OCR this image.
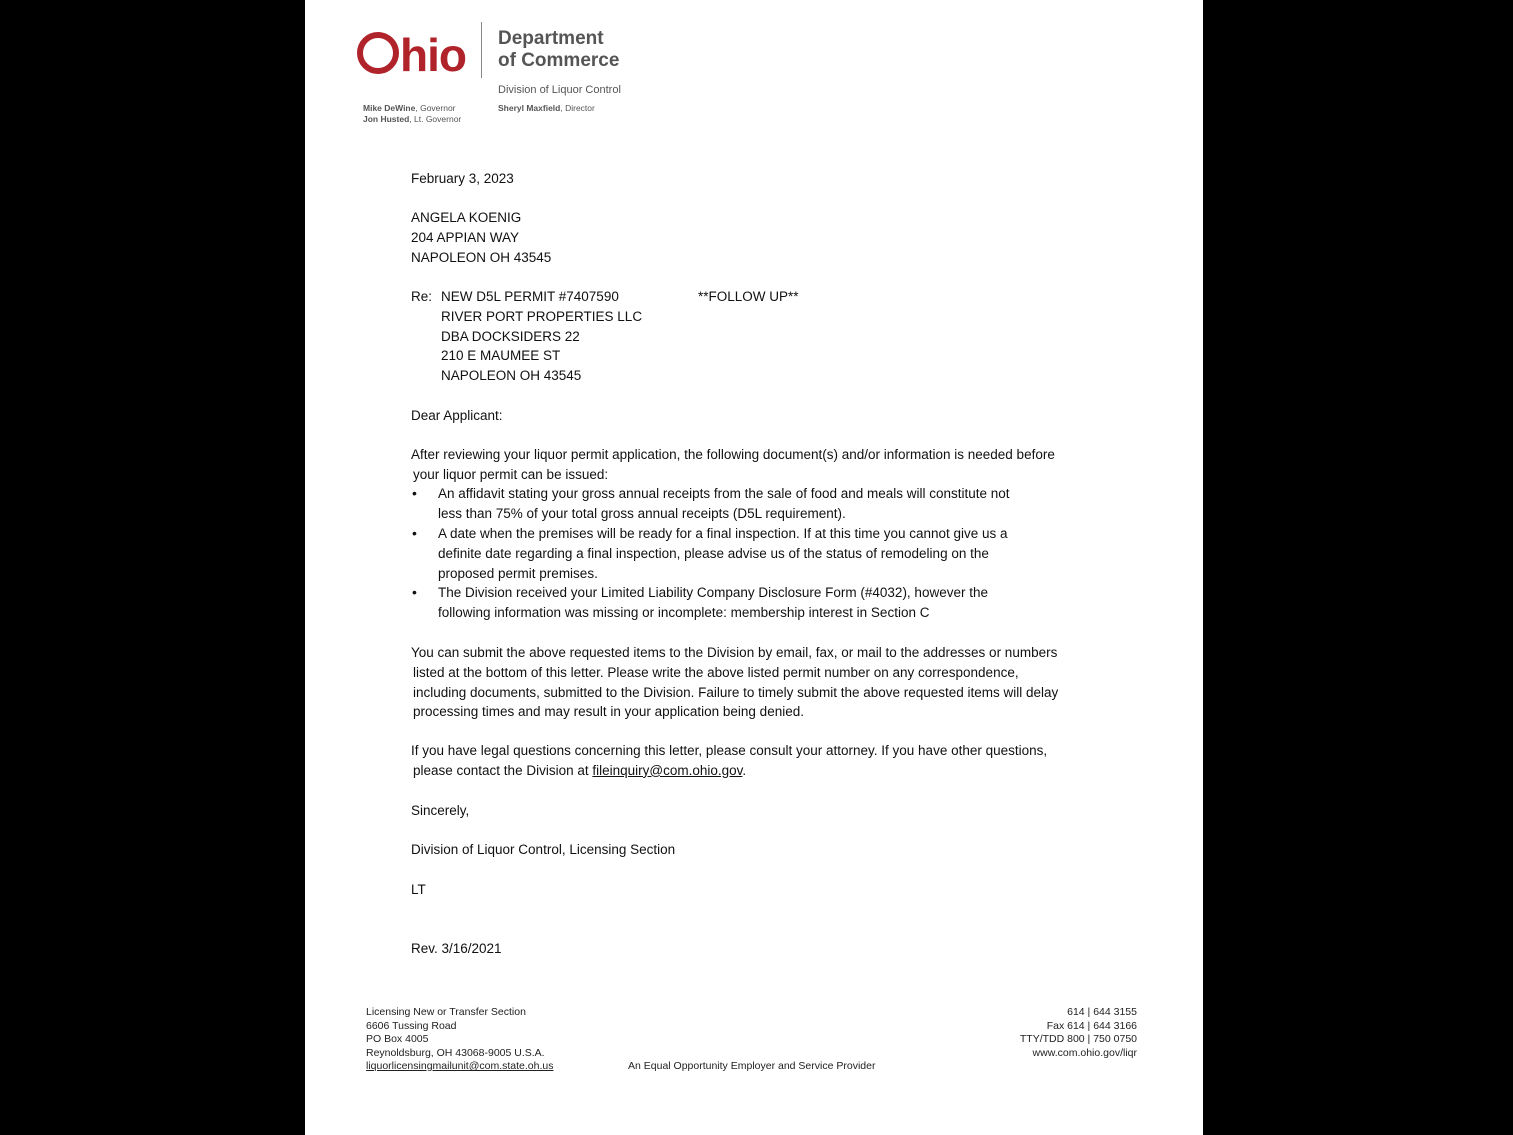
hio Department
of Commerce
Division of Liquor Control
Sheryl Maxfield, Director
Mike DeWine, Governor
Jon Husted, Lt. Governor
February 3, 2023
ANGELA KOENIG
204 APPIAN WAY
NAPOLEON OH 43545
Re: NEW D5L PERMIT #7407590
RIVER PORT PROPERTIES LLC
DBA DOCKSIDERS 22
210 E MAUMEE ST
NAPOLEON OH 43545
**FOLLOW UP**
Dear Applicant:
After reviewing your liquor permit application, the following document(s) and/or information is needed before
your liquor permit can be issued:
• An affidavit stating your gross annual receipts from the sale of food and meals will constitute not
less than 75% of your total gross annual receipts (D5L requirement).
• A date when the premises will be ready for a final inspection. If at this time you cannot give us a
definite date regarding a final inspection, please advise us of the status of remodeling on the
proposed permit premises.
• The Division received your Limited Liability Company Disclosure Form (#4032), however the
following information was missing or incomplete: membership interest in Section C
You can submit the above requested items to the Division by email, fax, or mail to the addresses or numbers
listed at the bottom of this letter. Please write the above listed permit number on any correspondence,
including documents, submitted to the Division. Failure to timely submit the above requested items will delay
processing times and may result in your application being denied.
If you have legal questions concerning this letter, please consult your attorney. If you have other questions,
please contact the Division at fileinquiry@com.ohio.gov.
Sincerely,
Division of Liquor Control, Licensing Section
LT
Rev. 3/16/2021
Licensing New or Transfer Section
6606 Tussing Road
PO Box 4005
Reynoldsburg, OH 43068-9005 U.S.A.
liquorlicensingmailunit@com.state.oh.us	An Equal Opportunity Employer and Service Provider
614 | 644 3155
Fax 614 | 644 3166
TTY/TDD 800 | 750 0750
www.com.ohio.gov/liqr
